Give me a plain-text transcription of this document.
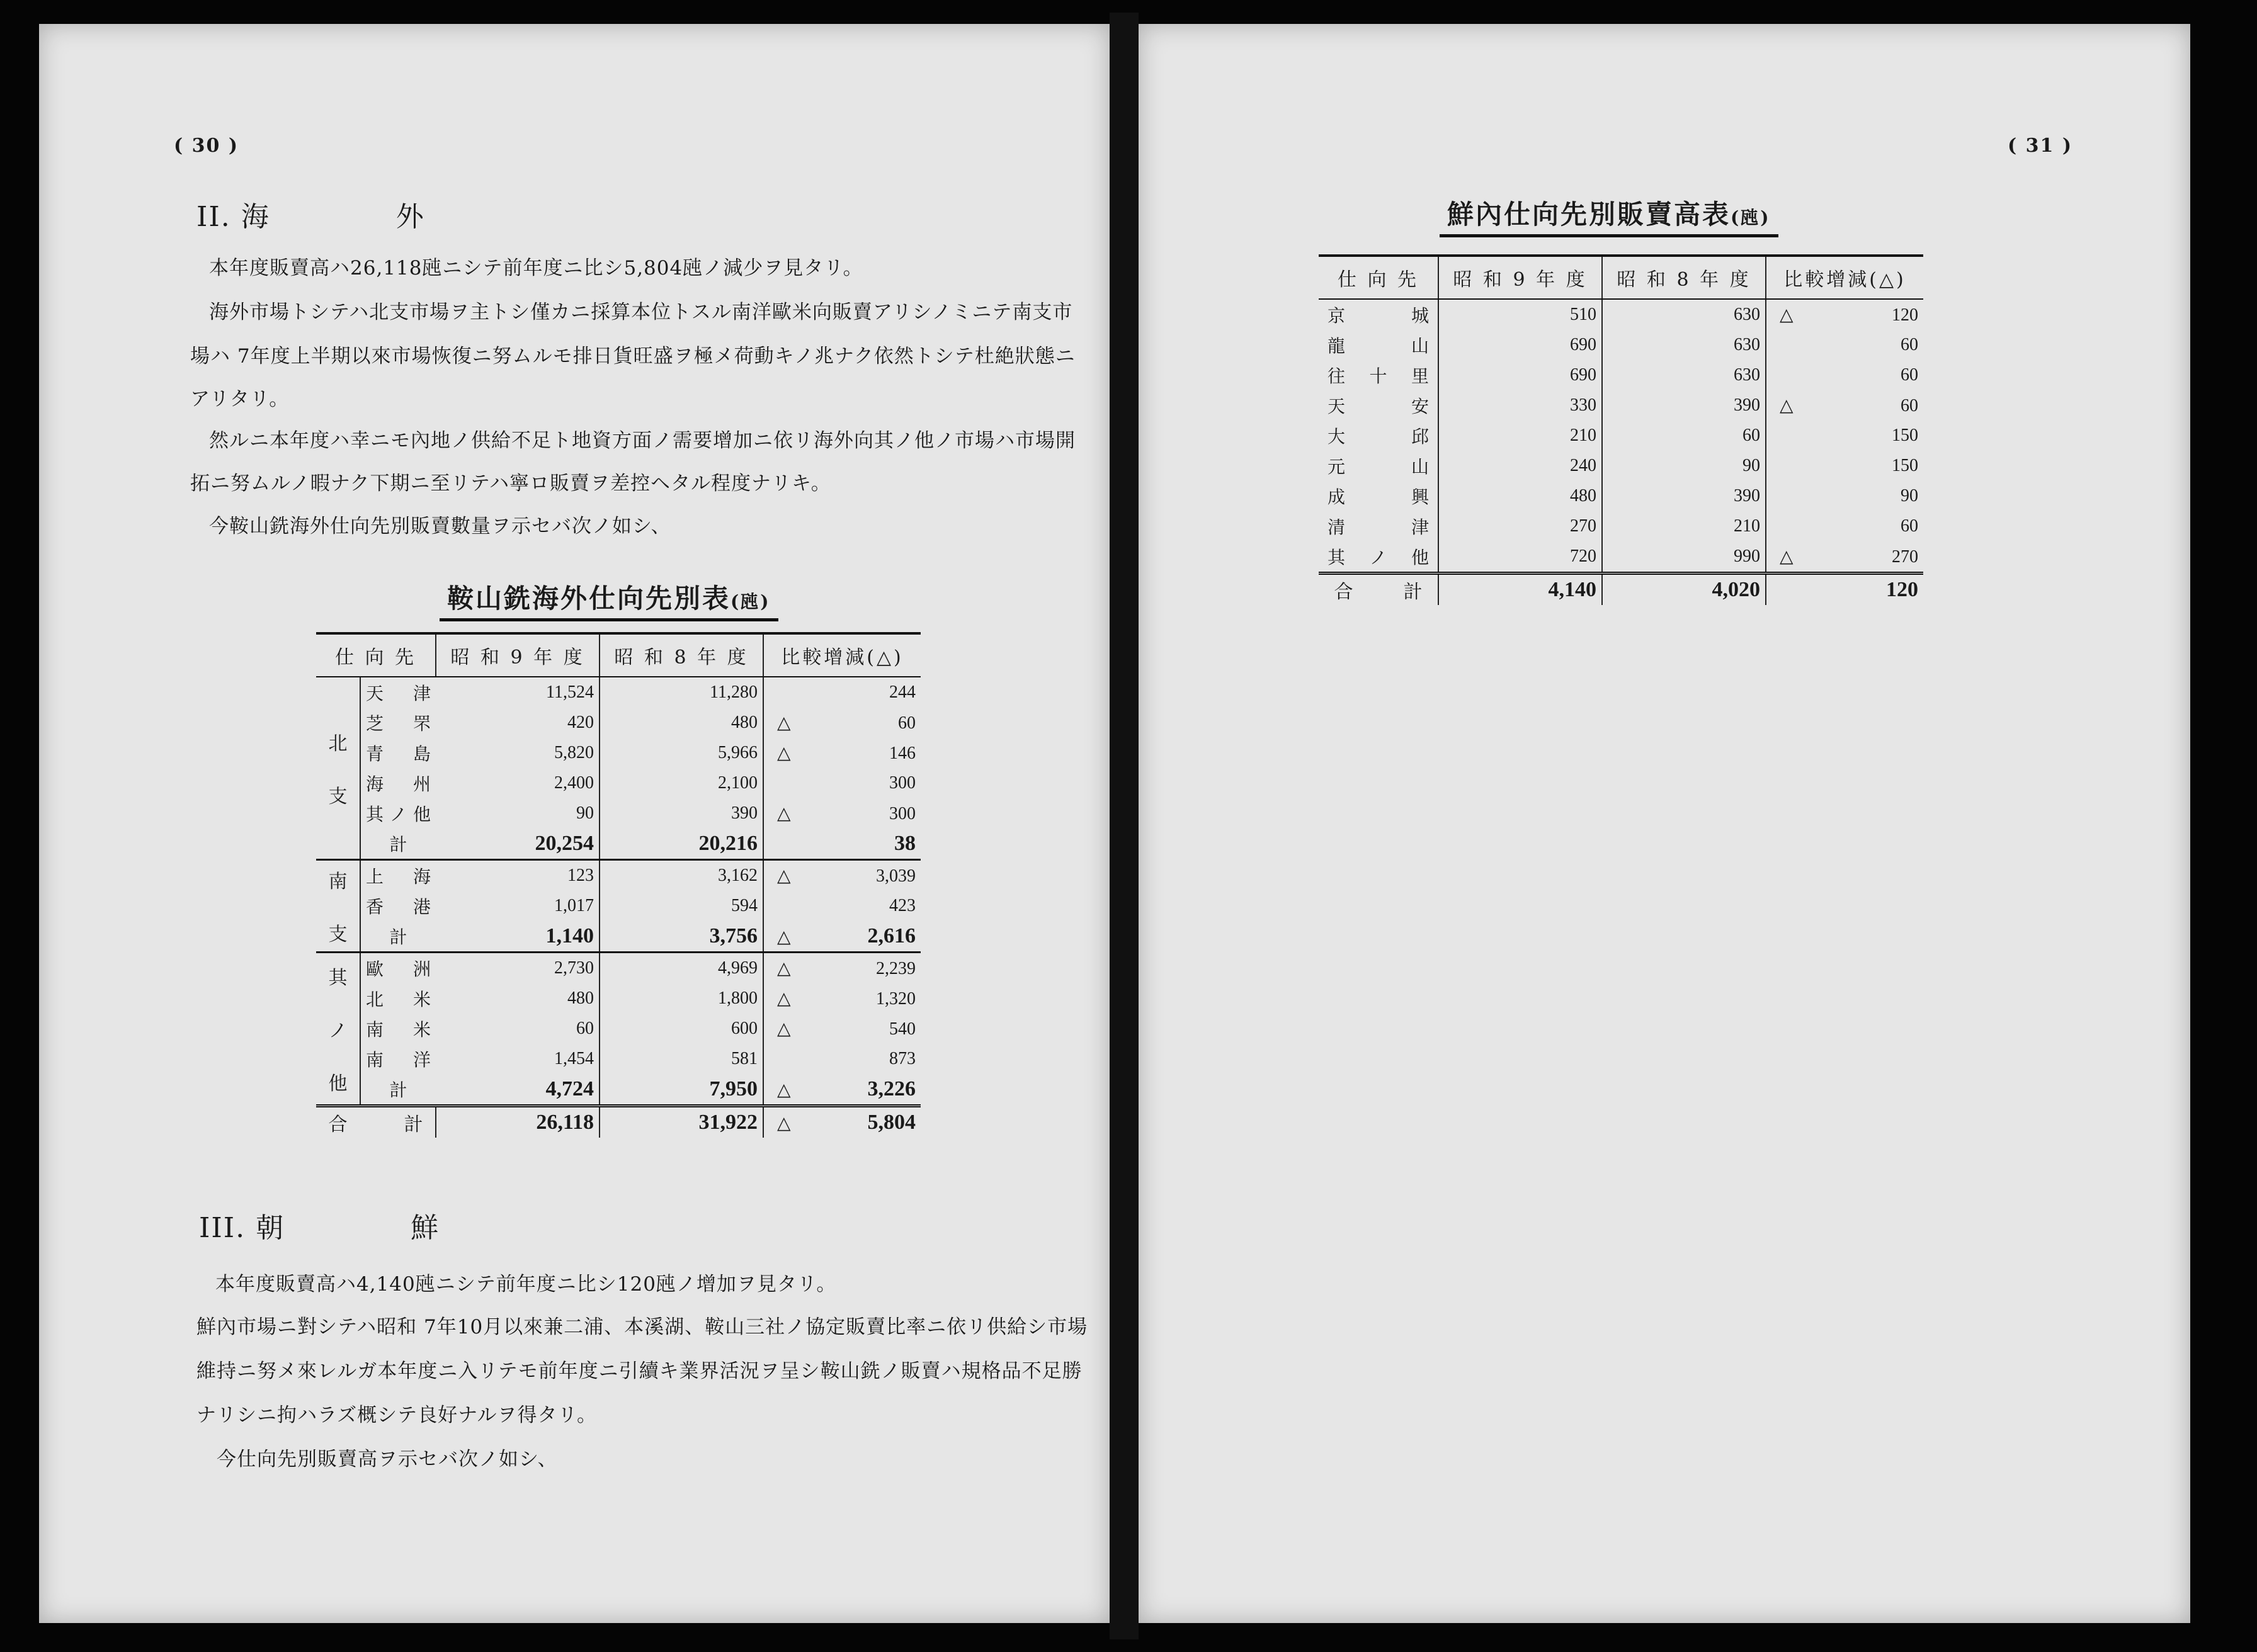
( 30 )
II. 海	外
本年度販賣高ハ26,118瓲ニシテ前年度ニ比シ5,804瓲ノ減少ヲ見タリ。
海外市場トシテハ北支市場ヲ主トシ僅カニ採算本位トスル南洋歐米向販賣アリシノミニテ南支市
場ハ 7年度上半期以來市場恢復ニ努ムルモ排日貨旺盛ヲ極メ荷動キノ兆ナク依然トシテ杜絶狀態ニ
アリタリ。
然ルニ本年度ハ幸ニモ內地ノ供給不足ト地資方面ノ需要增加ニ依リ海外向其ノ他ノ市場ハ市場開
拓ニ努ムルノ暇ナク下期ニ至リテハ寧ロ販賣ヲ差控ヘタル程度ナリキ。
今鞍山銑海外仕向先別販賣數量ヲ示セバ次ノ如シ、
鞍山銑海外仕向先別表(瓲)
仕 向 先		昭 和 9 年 度	昭 和 8 年 度	比較增減(△)

北
支	天津	11,524	11,280	244
	芝罘	420	480	△ 60
	青島	5,820	5,966	△ 146
	海州	2,400	2,100	300
	其ノ他	90	390	△ 300
	計	20,254	20,216	38

南
支	上海	123	3,162	△ 3,039
	香港	1,017	594	423
	計	1,140	3,756	△ 2,616

其
ノ
他	歐洲	2,730	4,969	△ 2,239
	北米	480	1,800	△ 1,320
	南米	60	600	△ 540
	南洋	1,454	581	873
	計	4,724	7,950	△ 3,226
合 計		26,118	31,922	△ 5,804
III. 朝	鮮
本年度販賣高ハ4,140瓲ニシテ前年度ニ比シ120瓲ノ增加ヲ見タリ。
鮮內市場ニ對シテハ昭和 7年10月以來兼二浦、本溪湖、鞍山三社ノ協定販賣比率ニ依リ供給シ市場
維持ニ努メ來レルガ本年度ニ入リテモ前年度ニ引續キ業界活況ヲ呈シ鞍山銑ノ販賣ハ規格品不足勝
ナリシニ拘ハラズ概シテ良好ナルヲ得タリ。
今仕向先別販賣高ヲ示セバ次ノ如シ、
( 31 )
鮮內仕向先別販賣高表(瓲)
仕 向 先	昭 和 9 年 度	昭 和 8 年 度	比較增減(△)
京城	510	630	△ 120
龍山	690	630	60
往十里	690	630	60
天安	330	390	△ 60
大邱	210	60	150
元山	240	90	150
成興	480	390	90
清津	270	210	60
其ノ他	720	990	△ 270
合 計	4,140	4,020	120
